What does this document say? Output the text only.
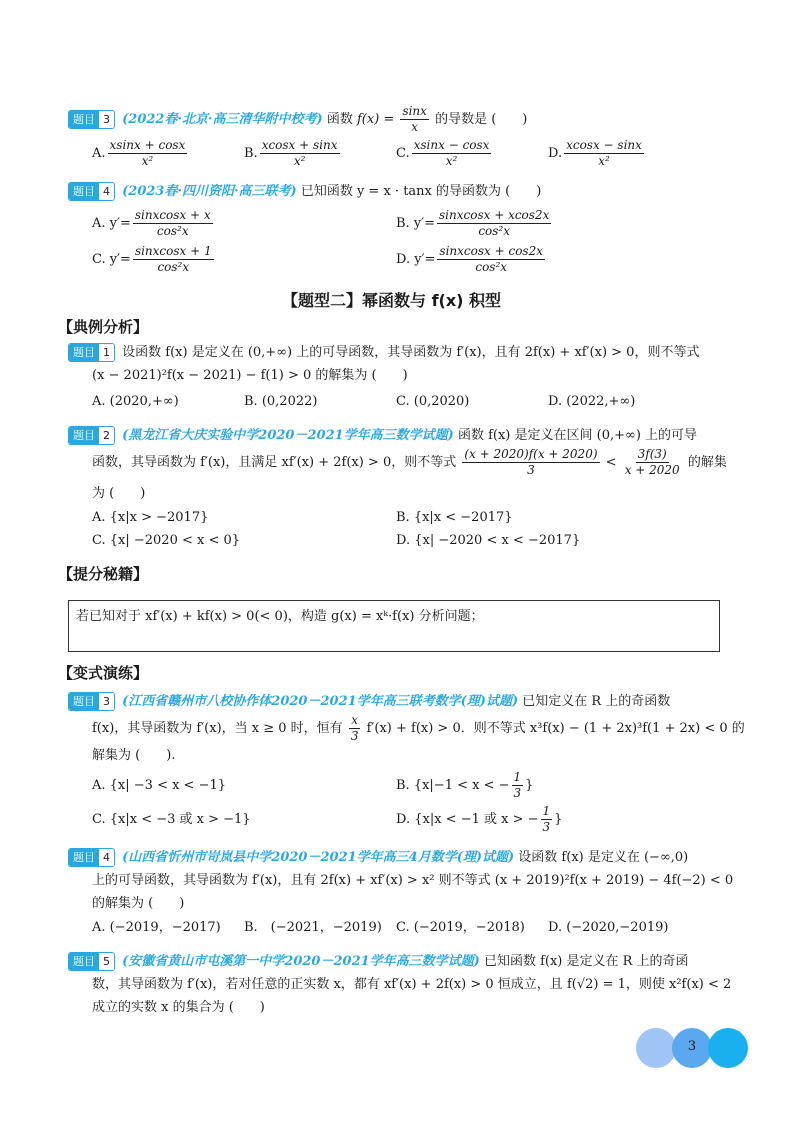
题目 3 (2022春·北京·高三清华附中校考) 函数 $f(x) = \frac{\sin x}{x}$ 的导数是 (　　)
A. $\frac{xsinx + \cos x}{\text{x²}}$	B. $\frac{xcosx + \sin x}{\text{x²}}$	C. $\frac{xsinx - \cos x}{\text{x²}}$	D. $\frac{xcosx - \sin x}{\text{x²}}$
题目 4 (2023春·四川资阳·高三联考) 已知函数 y = x · tanx 的导函数为 (　　)
A. $y'= \frac{\text{sinxcosx + x}}{\text{cos²x}}$	B. $y'= \frac{\text{sinxcosx + xcos2x}}{\text{cos²x}}$
C. $y'= \frac{\text{sinxcosx + 1}}{\text{cos²x}}$	D. $y'= \frac{\text{sinxcosx + cos2x}}{\text{cos²x}}$
【题型二】幂函数与 f(x) 积型
【典例分析】
题目 1 设函数 f(x) 是定义在 (0,+∞) 上的可导函数，其导函数为 f′(x)，且有 2f(x) + xf′(x) > 0，则不等式
(x − 2021)²f(x − 2021) − f(1) > 0 的解集为 (　　)
A. (2020,+∞)	B. (0,2022)	C. (0,2020)	D. (2022,+∞)
题目 2 (黑龙江省大庆实验中学2020－2021学年高三数学试题) 函数 f(x) 是定义在区间 (0,+∞) 上的可导
函数，其导函数为 f′(x)，且满足 xf′(x) + 2f(x) > 0，则不等式 $\frac{(x + 2020)f(x + 2020)}{3} < \frac{3f(3)}{x + 2020}$ 的解集
为 (　　)
A. {x|x > −2017}	B. {x|x < −2017}
C. {x| −2020 < x < 0}	D. {x| −2020 < x < −2017}
【提分秘籍】
若已知对于 xf′(x) + kf(x) > 0(< 0)，构造 g(x) = xᵏ·f(x) 分析问题；
【变式演练】
题目 3 (江西省赣州市八校协作体2020－2021学年高三联考数学(理)试题) 已知定义在 R 上的奇函数
f(x)，其导函数为 f′(x)，当 x ≥ 0 时，恒有 $\frac{x}{3} f'(x) + f(x) > 0$．则不等式 x³f(x) − (1 + 2x)³f(1 + 2x) < 0 的
解集为 (　　).
A. {x| −3 < x < −1}	B. {x|−1 < x < − $\frac{1}{3}$ }
C. {x|x < −3 或 x > −1}	D. {x|x < −1 或 x > − $\frac{1}{3}$ }
题目 4 (山西省忻州市岢岚县中学2020－2021学年高三4月数学(理)试题) 设函数 f(x) 是定义在 (−∞,0)
上的可导函数，其导函数为 f′(x)，且有 2f(x) + xf′(x) > x² 则不等式 (x + 2019)²f(x + 2019) − 4f(−2) < 0
的解集为 (　　)
A. (−2019，−2017) B.　(−2021，−2019) C. (−2019，−2018) D. (−2020,−2019)
题目 5 (安徽省黄山市屯溪第一中学2020－2021学年高三数学试题) 已知函数 f(x) 是定义在 R 上的奇函
数，其导函数为 f′(x)，若对任意的正实数 x，都有 xf′(x) + 2f(x) > 0 恒成立，且 f(√2) = 1，则使 x²f(x) < 2
成立的实数 x 的集合为 (　　)
3
